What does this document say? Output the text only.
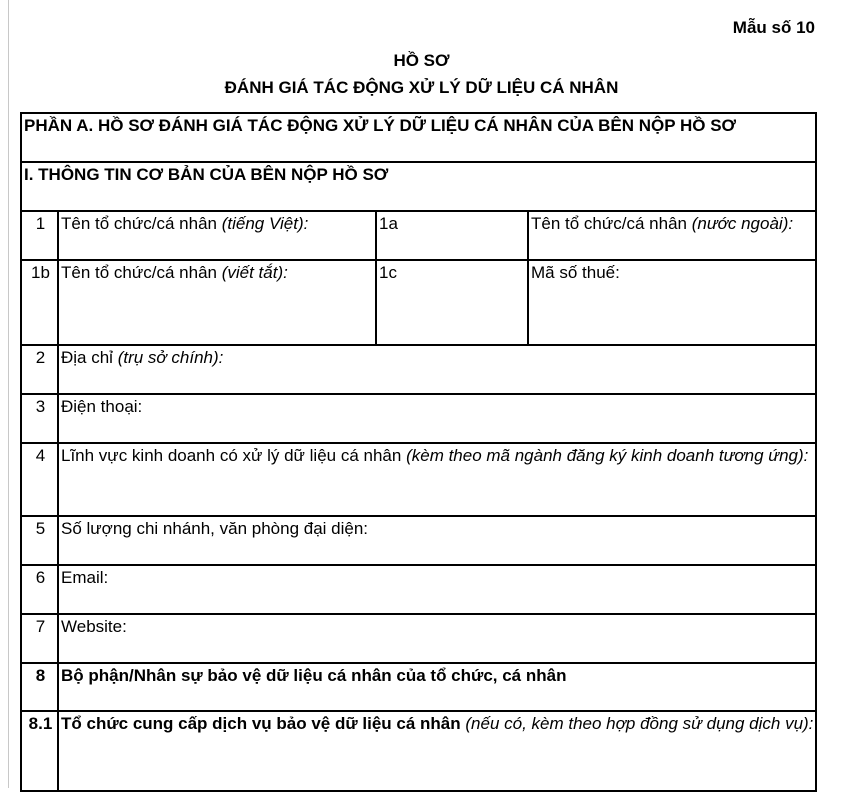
Mẫu số 10
HỒ SƠ
ĐÁNH GIÁ TÁC ĐỘNG XỬ LÝ DỮ LIỆU CÁ NHÂN
PHẦN A. HỒ SƠ ĐÁNH GIÁ TÁC ĐỘNG XỬ LÝ DỮ LIỆU CÁ NHÂN CỦA BÊN NỘP HỒ SƠ			
I. THÔNG TIN CƠ BẢN CỦA BÊN NỘP HỒ SƠ			
1	Tên tổ chức/cá nhân (tiếng Việt):	1a	Tên tổ chức/cá nhân (nước ngoài):
1b	Tên tổ chức/cá nhân (viết tắt):	1c	Mã số thuế:
2	Địa chỉ (trụ sở chính):		
3	Điện thoại:		
4	Lĩnh vực kinh doanh có xử lý dữ liệu cá nhân (kèm theo mã ngành đăng ký kinh doanh tương ứng):		
5	Số lượng chi nhánh, văn phòng đại diện:		
6	Email:		
7	Website:		
8	Bộ phận/Nhân sự bảo vệ dữ liệu cá nhân của tổ chức, cá nhân		
8.1	Tổ chức cung cấp dịch vụ bảo vệ dữ liệu cá nhân (nếu có, kèm theo hợp đồng sử dụng dịch vụ):		
